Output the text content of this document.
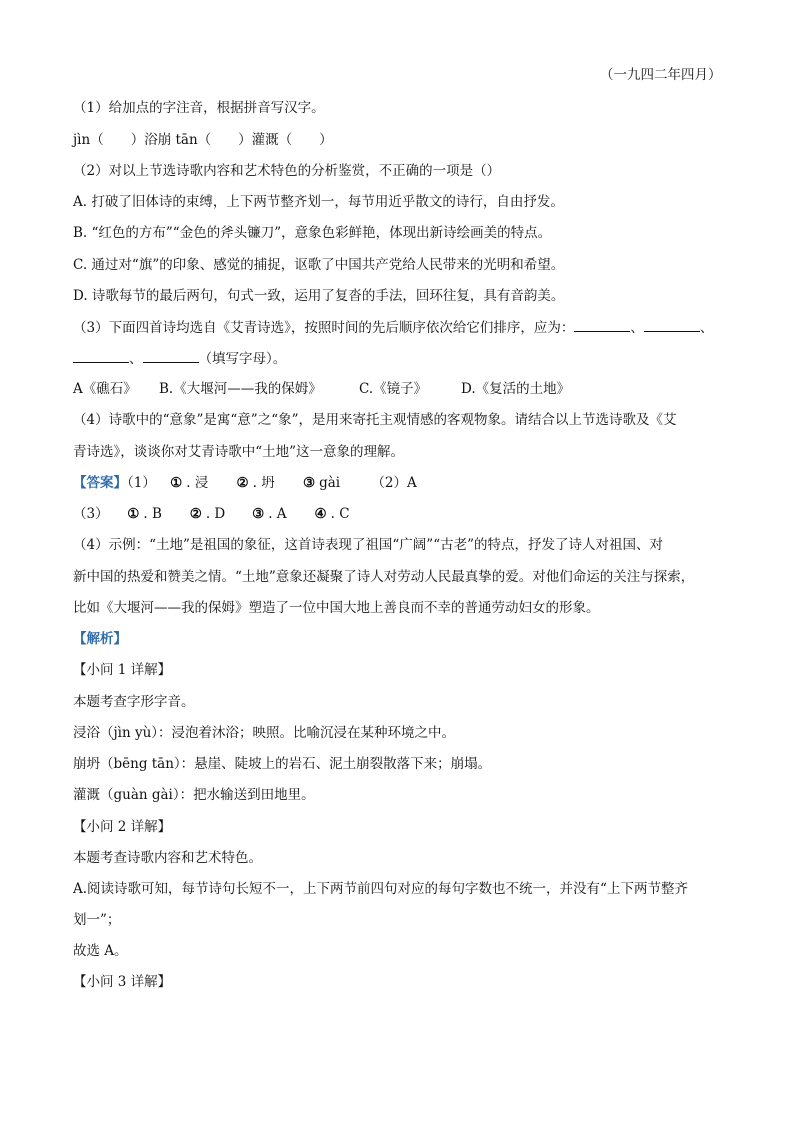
（一九四二年四月）
（1）给加点的字注音，根据拼音写汉字。
jìn（　　）浴崩 tān（　　）灌溉（　　）
（2）对以上节选诗歌内容和艺术特色的分析鉴赏，不正确的一项是（）
A. 打破了旧体诗的束缚，上下两节整齐划一，每节用近乎散文的诗行，自由抒发。
B. “红色的方布”“金色的斧头镰刀”，意象色彩鲜艳，体现出新诗绘画美的特点。
C. 通过对“旗”的印象、感觉的捕捉，讴歌了中国共产党给人民带来的光明和希望。
D. 诗歌每节的最后两句，句式一致，运用了复沓的手法，回环往复，具有音韵美。
（3）下面四首诗均选自《艾青诗选》，按照时间的先后顺序依次给它们排序，应为：	、	、
、	（填写字母）。
A《礁石》 B.《大堰河——我的保姆》	C.《镜子》	D.《复活的土地》
（4）诗歌中的“意象”是寓“意”之“象”，是用来寄托主观情感的客观物象。请结合以上节选诗歌及《艾
青诗选》，谈谈你对艾青诗歌中“土地”这一意象的理解。
【答案】（1） ① . 浸 ② . 坍 ③gài （2）A
（3） ① . B ② . D ③ . A ④ . C
（4）示例：“土地”是祖国的象征，这首诗表现了祖国“广阔”“古老”的特点，抒发了诗人对祖国、对
新中国的热爱和赞美之情。“土地”意象还凝聚了诗人对劳动人民最真挚的爱。对他们命运的关注与探索，
比如《大堰河——我的保姆》塑造了一位中国大地上善良而不幸的普通劳动妇女的形象。
【解析】
【小问 1 详解】
本题考查字形字音。
浸浴（jìn yù）：浸泡着沐浴；映照。比喻沉浸在某种环境之中。
崩坍（bēng tān）：悬崖、陡坡上的岩石、泥土崩裂散落下来；崩塌。
灌溉（guàn gài）：把水输送到田地里。
【小问 2 详解】
本题考查诗歌内容和艺术特色。
A.阅读诗歌可知，每节诗句长短不一，上下两节前四句对应的每句字数也不统一，并没有“上下两节整齐
划一”；
故选 A。
【小问 3 详解】
